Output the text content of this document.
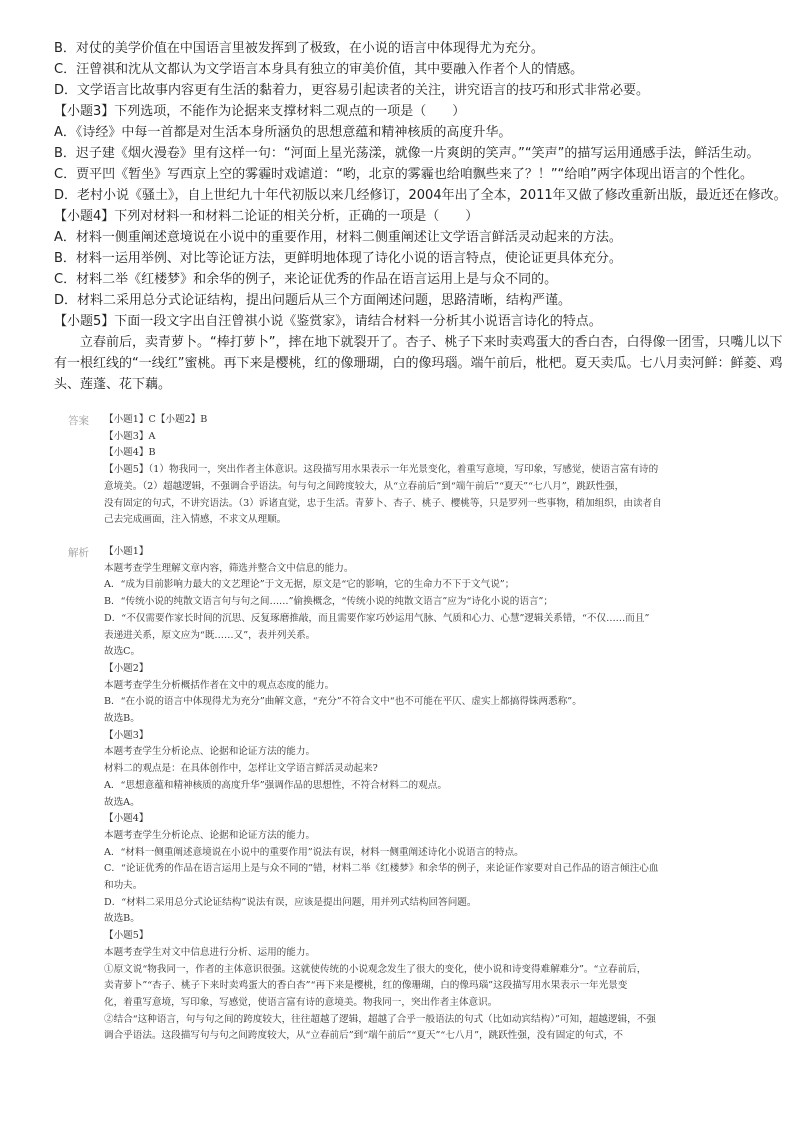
B．对仗的美学价值在中国语言里被发挥到了极致，在小说的语言中体现得尤为充分。

C．汪曾祺和沈从文都认为文学语言本身具有独立的审美价值，其中要融入作者个人的情感。

D．文学语言比故事内容更有生活的黏着力，更容易引起读者的关注，讲究语言的技巧和形式非常必要。

【小题3】下列选项，不能作为论据来支撑材料二观点的一项是（　　）

A．《诗经》中每一首都是对生活本身所涵负的思想意蕴和精神核质的高度升华。

B．迟子建《烟火漫卷》里有这样一句：“河面上星光荡漾，就像一片爽朗的笑声。”“笑声”的描写运用通感手法，鲜活生动。

C．贾平凹《暂坐》写西京上空的雾霾时戏谑道：“哟，北京的雾霾也给咱飘些来了？！”“给咱”两字体现出语言的个性化。

D．老村小说《骚土》，自上世纪九十年代初版以来几经修订，2004年出了全本，2011年又做了修改重新出版，最近还在修改。

【小题4】下列对材料一和材料二论证的相关分析，正确的一项是（　　）

A．材料一侧重阐述意境说在小说中的重要作用，材料二侧重阐述让文学语言鲜活灵动起来的方法。

B．材料一运用举例、对比等论证方法，更鲜明地体现了诗化小说的语言特点，使论证更具体充分。

C．材料二举《红楼梦》和余华的例子，来论证优秀的作品在语言运用上是与众不同的。

D．材料二采用总分式论证结构，提出问题后从三个方面阐述问题，思路清晰，结构严谨。

【小题5】下面一段文字出自汪曾祺小说《鉴赏家》，请结合材料一分析其小说语言诗化的特点。

立春前后，卖青萝卜。“棒打萝卜”，摔在地下就裂开了。杏子、桃子下来时卖鸡蛋大的香白杏，白得像一团雪，只嘴儿以下

有一根红线的“一线红”蜜桃。再下来是樱桃，红的像珊瑚，白的像玛瑙。端午前后，枇杷。夏天卖瓜。七八月卖河鲜：鲜菱、鸡

头、莲蓬、花下藕。

答案 【小题1】C【小题2】B

【小题3】A

【小题4】B

【小题5】（1）物我同一，突出作者主体意识。这段描写用水果表示一年光景变化，着重写意境，写印象，写感觉，使语言富有诗的

意境美。（2）超越逻辑，不强调合乎语法。句与句之间跨度较大，从“立春前后”到“端午前后”“夏天”“七八月”，跳跃性强，

没有固定的句式，不讲究语法。（3）诉诸直觉，忠于生活。青萝卜、杏子、桃子、樱桃等，只是罗列一些事物，稍加组织，由读者自

己去完成画面，注入情感，不求文从理顺。

解析 【小题1】

本题考查学生理解文章内容，筛选并整合文中信息的能力。

A．“成为目前影响力最大的文艺理论”于文无据，原文是“它的影响，它的生命力不下于文气说”；

B．“传统小说的纯散文语言句与句之间……”偷换概念，“传统小说的纯散文语言”应为“诗化小说的语言”；

D．“不仅需要作家长时间的沉思、反复琢磨推敲，而且需要作家巧妙运用气脉、气质和心力、心慧”逻辑关系错，“不仅……而且”

表递进关系，原文应为“既……又”，表并列关系。

故选C。

【小题2】

本题考查学生分析概括作者在文中的观点态度的能力。

B．“在小说的语言中体现得尤为充分”曲解文意，“充分”不符合文中“也不可能在平仄、虚实上都搞得铢两悉称”。

故选B。

【小题3】

本题考查学生分析论点、论据和论证方法的能力。

材料二的观点是：在具体创作中，怎样让文学语言鲜活灵动起来?

A．“思想意蕴和精神核质的高度升华”强调作品的思想性，不符合材料二的观点。

故选A。

【小题4】

本题考查学生分析论点、论据和论证方法的能力。

A．“材料一侧重阐述意境说在小说中的重要作用”说法有误，材料一侧重阐述诗化小说语言的特点。

C．“论证优秀的作品在语言运用上是与众不同的”错，材料二举《红楼梦》和余华的例子，来论证作家要对自己作品的语言倾注心血

和功夫。

D．“材料二采用总分式论证结构”说法有误，应该是提出问题，用并列式结构回答问题。

故选B。

【小题5】

本题考查学生对文中信息进行分析、运用的能力。

①原文说“物我同一，作者的主体意识很强。这就使传统的小说观念发生了很大的变化，使小说和诗变得难解难分”。“立春前后，

卖青萝卜”“杏子、桃子下来时卖鸡蛋大的香白杏”“再下来是樱桃，红的像珊瑚，白的像玛瑙”这段描写用水果表示一年光景变

化，着重写意境，写印象，写感觉，使语言富有诗的意境美。物我同一，突出作者主体意识。

②结合“这种语言，句与句之间的跨度较大，往往超越了逻辑，超越了合乎一般语法的句式（比如动宾结构）”可知，超越逻辑，不强

调合乎语法。这段描写句与句之间跨度较大，从“立春前后”到“端午前后”“夏天”“七八月”，跳跃性强，没有固定的句式，不
